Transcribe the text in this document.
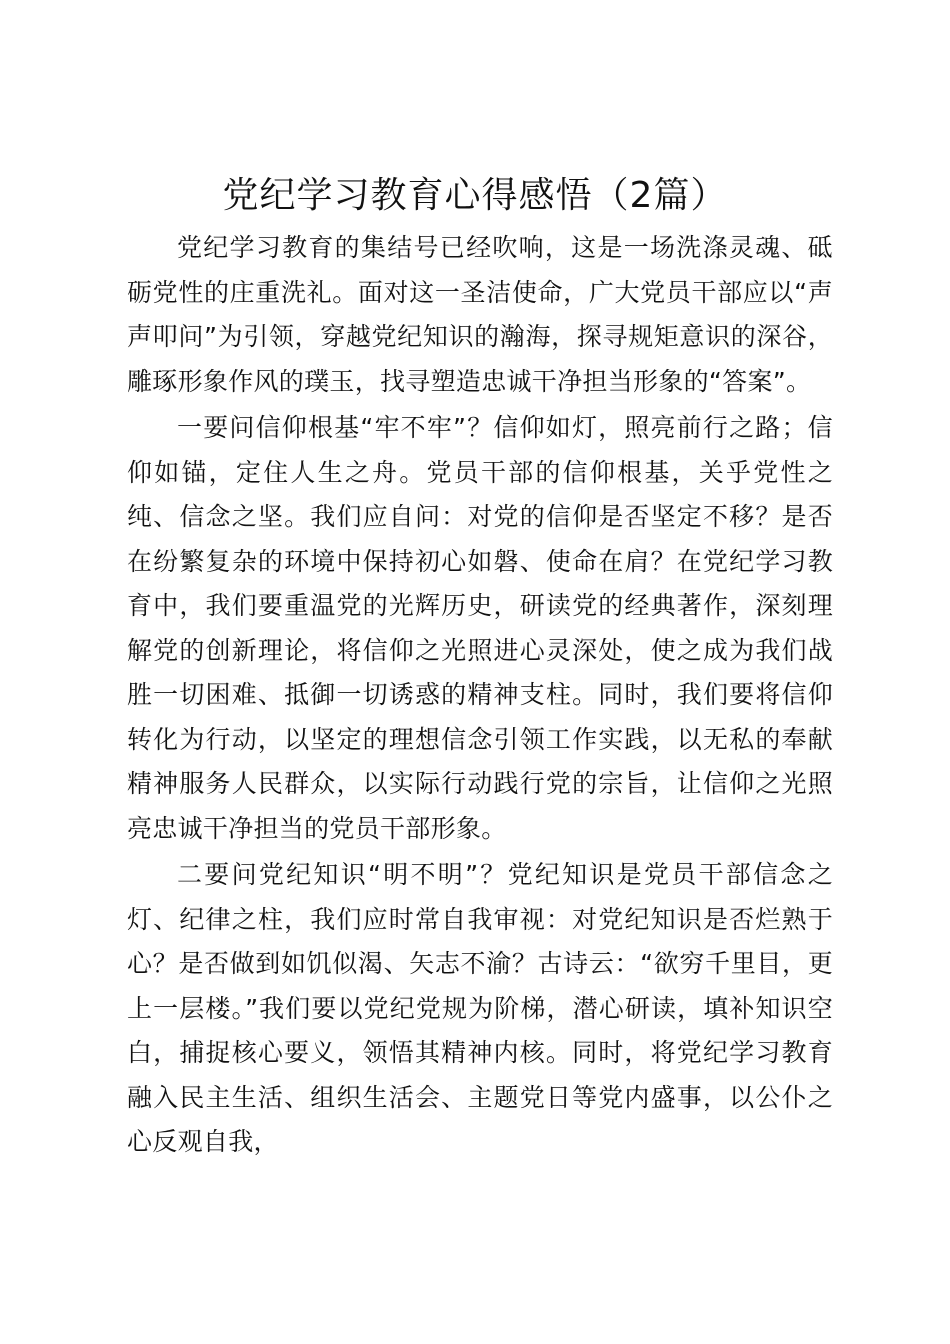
党纪学习教育心得感悟（2篇）

党纪学习教育的集结号已经吹响，这是一场洗涤灵魂、砥砺党性的庄重洗礼。面对这一圣洁使命，广大党员干部应以“声声叩问”为引领，穿越党纪知识的瀚海，探寻规矩意识的深谷，雕琢形象作风的璞玉，找寻塑造忠诚干净担当形象的“答案”。

一要问信仰根基“牢不牢”？信仰如灯，照亮前行之路；信仰如锚，定住人生之舟。党员干部的信仰根基，关乎党性之纯、信念之坚。我们应自问：对党的信仰是否坚定不移？是否在纷繁复杂的环境中保持初心如磐、使命在肩？在党纪学习教育中，我们要重温党的光辉历史，研读党的经典著作，深刻理解党的创新理论，将信仰之光照进心灵深处，使之成为我们战胜一切困难、抵御一切诱惑的精神支柱。同时，我们要将信仰转化为行动，以坚定的理想信念引领工作实践，以无私的奉献精神服务人民群众，以实际行动践行党的宗旨，让信仰之光照亮忠诚干净担当的党员干部形象。

二要问党纪知识“明不明”？党纪知识是党员干部信念之灯、纪律之柱，我们应时常自我审视：对党纪知识是否烂熟于心？是否做到如饥似渴、矢志不渝？古诗云：“欲穷千里目，更上一层楼。”我们要以党纪党规为阶梯，潜心研读，填补知识空白，捕捉核心要义，领悟其精神内核。同时，将党纪学习教育融入民主生活、组织生活会、主题党日等党内盛事，以公仆之心反观自我，
